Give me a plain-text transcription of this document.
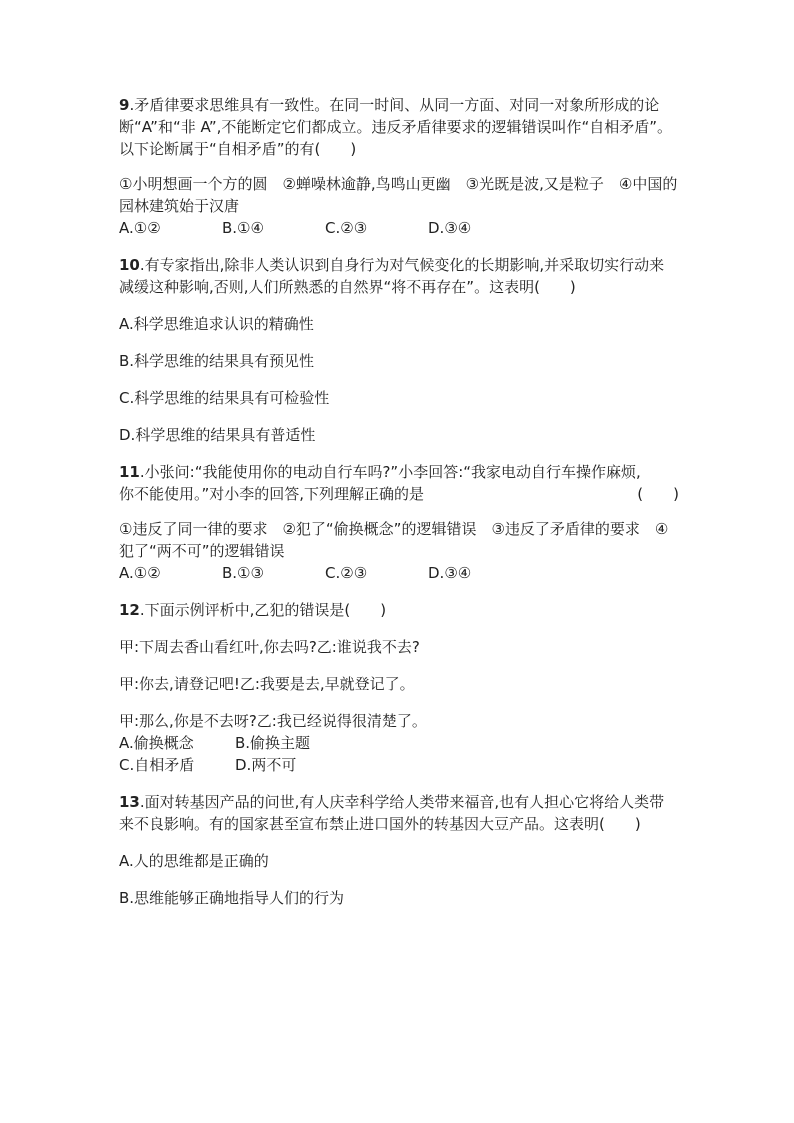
9.矛盾律要求思维具有一致性。在同一时间、从同一方面、对同一对象所形成的论断“A”和“非 A”,不能断定它们都成立。违反矛盾律要求的逻辑错误叫作“自相矛盾”。以下论断属于“自相矛盾”的有(　　)

①小明想画一个方的圆　②蝉噪林逾静,鸟鸣山更幽　③光既是波,又是粒子　④中国的园林建筑始于汉唐

A.①②	B.①④	C.②③	D.③④

10.有专家指出,除非人类认识到自身行为对气候变化的长期影响,并采取切实行动来减缓这种影响,否则,人们所熟悉的自然界“将不再存在”。这表明(　　)

A.科学思维追求认识的精确性

B.科学思维的结果具有预见性

C.科学思维的结果具有可检验性

D.科学思维的结果具有普适性

11.小张问:“我能使用你的电动自行车吗?”小李回答:“我家电动自行车操作麻烦,
你不能使用。”对小李的回答,下列理解正确的是	(　　)

①违反了同一律的要求　②犯了“偷换概念”的逻辑错误　③违反了矛盾律的要求　④犯了“两不可”的逻辑错误

A.①②	B.①③	C.②③	D.③④

12.下面示例评析中,乙犯的错误是(　　)

甲:下周去香山看红叶,你去吗?乙:谁说我不去?

甲:你去,请登记吧!乙:我要是去,早就登记了。

甲:那么,你是不去呀?乙:我已经说得很清楚了。

A.偷换概念	B.偷换主题
C.自相矛盾	D.两不可

13.面对转基因产品的问世,有人庆幸科学给人类带来福音,也有人担心它将给人类带来不良影响。有的国家甚至宣布禁止进口国外的转基因大豆产品。这表明(　　)

A.人的思维都是正确的

B.思维能够正确地指导人们的行为
